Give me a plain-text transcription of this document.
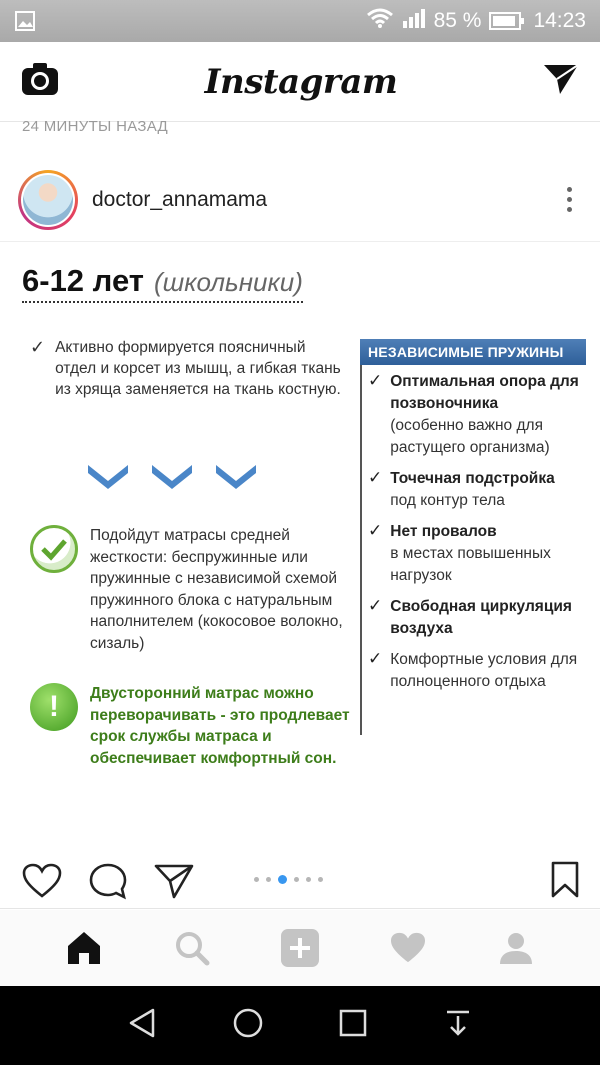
85 % 14:23
Instagram
24 МИНУТЫ НАЗАД
doctor_annamama
6-12 лет (школьники)
✓ Активно формируется поясничный отдел и корсет из мышц, а гибкая ткань из хряща заменяется на ткань костную.
Подойдут матрасы средней жесткости: беспружинные или пружинные с независимой схемой пружинного блока с натуральным наполнителем (кокосовое волокно, сизаль)
!	Двусторонний матрас можно переворачивать - это продлевает срок службы матраса и обеспечивает комфортный сон.
НЕЗАВИСИМЫЕ ПРУЖИНЫ
✓ Оптимальная опора для позвоночника
(особенно важно для растущего организма)
✓ Точечная подстройка
под контур тела
✓ Нет провалов
в местах повышенных нагрузок
✓ Свободная циркуляция воздуха
✓ Комфортные условия для полноценного отдыха
